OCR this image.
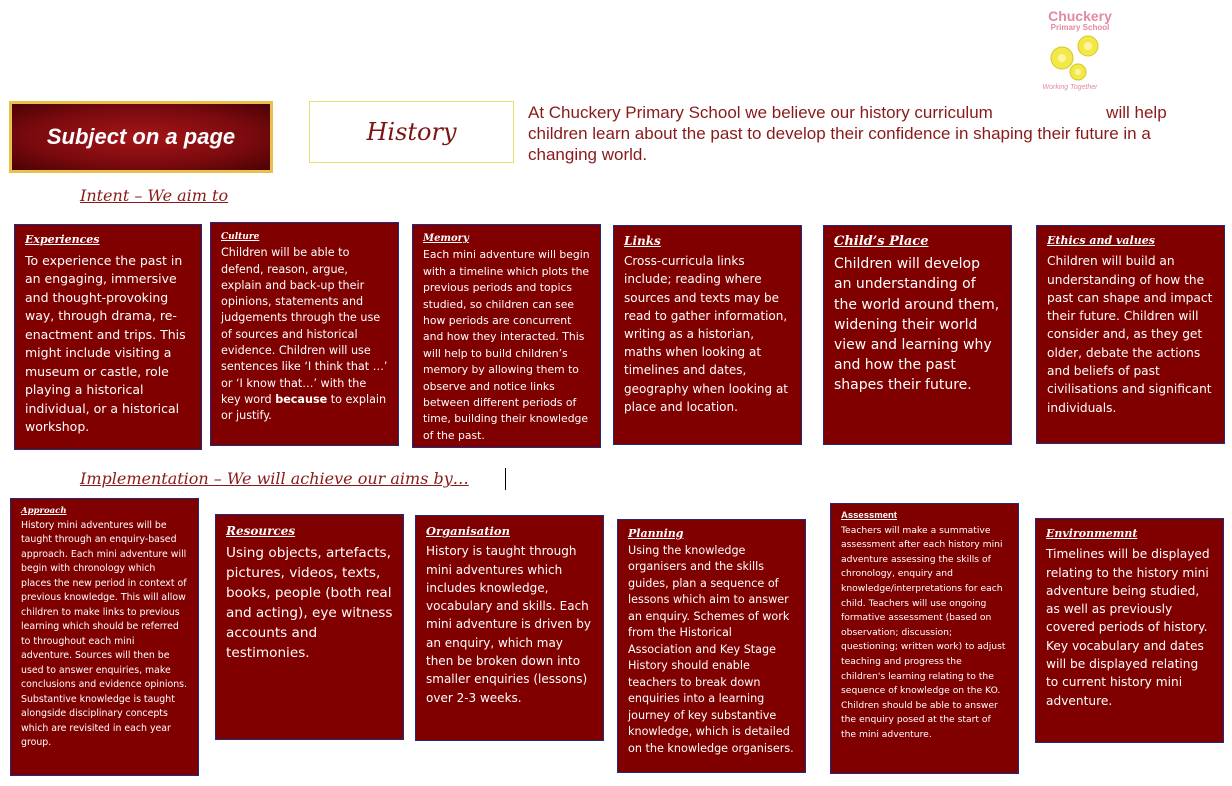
Chuckery
Primary School
Working Together
Subject on a page	History
At Chuckery Primary School we believe our history curriculum                        will help children learn about the past to develop their confidence in shaping their future in a changing world.
Intent – We aim to
Experiences
To experience the past in an engaging, immersive and thought-provoking way, through drama, re-enactment and trips. This might include visiting a museum or castle, role playing a historical individual, or a historical workshop.
Culture
Children will be able to defend, reason, argue, explain and back-up their opinions, statements and judgements through the use of sources and historical evidence. Children will use sentences like ‘I think that …’ or ‘I know that…’ with the key word because to explain or justify.
Memory
Each mini adventure will begin with a timeline which plots the previous periods and topics studied, so children can see how periods are concurrent and how they interacted. This will help to build children’s memory by allowing them to observe and notice links between different periods of time, building their knowledge of the past.
Links
Cross-curricula links include; reading where sources and texts may be read to gather information, writing as a historian, maths when looking at timelines and dates, geography when looking at place and location.
Child’s Place
Children will develop an understanding of the world around them, widening their world view and learning why and how the past shapes their future.
Ethics and values
Children will build an understanding of how the past can shape and impact their future. Children will consider and, as they get older, debate the actions and beliefs of past civilisations and significant individuals.
Implementation – We will achieve our aims by…
Approach
History mini adventures will be taught through an enquiry-based approach. Each mini adventure will begin with chronology which places the new period in context of previous knowledge. This will allow children to make links to previous learning which should be referred to throughout each mini adventure. Sources will then be used to answer enquiries, make conclusions and evidence opinions. Substantive knowledge is taught alongside disciplinary concepts which are revisited in each year group.
Resources
Using objects, artefacts, pictures, videos, texts, books, people (both real and acting), eye witness accounts and testimonies.
Organisation
History is taught through mini adventures which includes knowledge, vocabulary and skills. Each mini adventure is driven by an enquiry, which may then be broken down into smaller enquiries (lessons) over 2-3 weeks.
Planning
Using the knowledge organisers and the skills guides, plan a sequence of lessons which aim to answer an enquiry. Schemes of work from the Historical Association and Key Stage History should enable teachers to break down enquiries into a learning journey of key substantive knowledge, which is detailed on the knowledge organisers.
Assessment
Teachers will make a summative assessment after each history mini adventure assessing the skills of chronology, enquiry and knowledge/interpretations for each child. Teachers will use ongoing formative assessment (based on observation; discussion; questioning; written work) to adjust teaching and progress the children's learning relating to the sequence of knowledge on the KO. Children should be able to answer the enquiry posed at the start of the mini adventure.
Environmemnt
Timelines will be displayed relating to the history mini adventure being studied, as well as previously covered periods of history. Key vocabulary and dates will be displayed relating to current history mini adventure.
